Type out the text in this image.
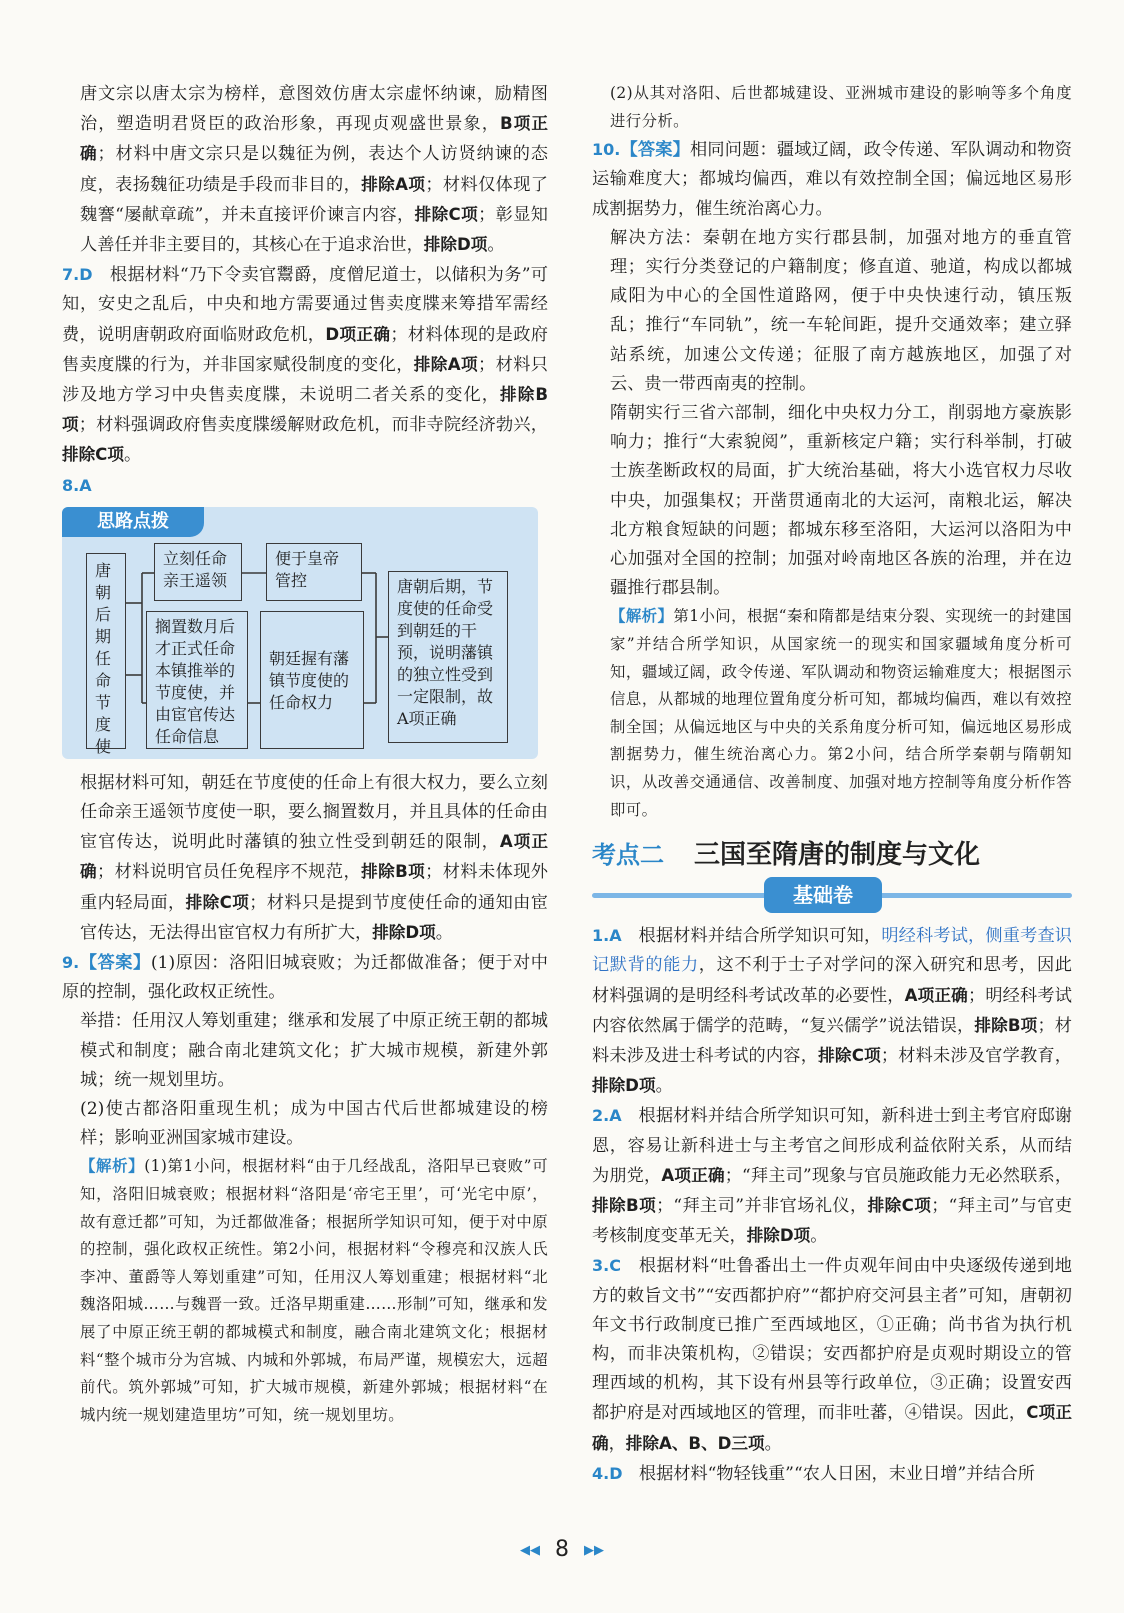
唐文宗以唐太宗为榜样，意图效仿唐太宗虚怀纳谏，励精图治，塑造明君贤臣的政治形象，再现贞观盛世景象，B项正确；材料中唐文宗只是以魏征为例，表达个人访贤纳谏的态度，表扬魏征功绩是手段而非目的，排除A项；材料仅体现了魏謇“屡献章疏”，并未直接评价谏言内容，排除C项；彰显知人善任并非主要目的，其核心在于追求治世，排除D项。

7.D 根据材料“乃下令卖官鬻爵，度僧尼道士，以储积为务”可知，安史之乱后，中央和地方需要通过售卖度牒来筹措军需经费，说明唐朝政府面临财政危机，D项正确；材料体现的是政府售卖度牒的行为，并非国家赋役制度的变化，排除A项；材料只涉及地方学习中央售卖度牒，未说明二者关系的变化，排除B项；材料强调政府售卖度牒缓解财政危机，而非寺院经济勃兴，排除C项。

8.A

思路点拨
唐朝后期任命节度使
立刻任命亲王遥领
便于皇帝管控
搁置数月后才正式任命本镇推举的节度使，并由宦官传达任命信息
朝廷握有藩镇节度使的任命权力
唐朝后期，节度使的任命受到朝廷的干预，说明藩镇的独立性受到一定限制，故A项正确

根据材料可知，朝廷在节度使的任命上有很大权力，要么立刻任命亲王遥领节度使一职，要么搁置数月，并且具体的任命由宦官传达，说明此时藩镇的独立性受到朝廷的限制，A项正确；材料说明官员任免程序不规范，排除B项；材料未体现外重内轻局面，排除C项；材料只是提到节度使任命的通知由宦官传达，无法得出宦官权力有所扩大，排除D项。

9.【答案】(1)原因：洛阳旧城衰败；为迁都做准备；便于对中原的控制，强化政权正统性。

举措：任用汉人筹划重建；继承和发展了中原正统王朝的都城模式和制度；融合南北建筑文化；扩大城市规模，新建外郭城；统一规划里坊。

(2)使古都洛阳重现生机；成为中国古代后世都城建设的榜样；影响亚洲国家城市建设。

【解析】(1)第1小问，根据材料“由于几经战乱，洛阳早已衰败”可知，洛阳旧城衰败；根据材料“洛阳是‘帝宅王里’，可‘光宅中原’，故有意迁都”可知，为迁都做准备；根据所学知识可知，便于对中原的控制，强化政权正统性。第2小问，根据材料“令穆亮和汉族人氏李冲、董爵等人筹划重建”可知，任用汉人筹划重建；根据材料“北魏洛阳城……与魏晋一致。迁洛早期重建……形制”可知，继承和发展了中原正统王朝的都城模式和制度，融合南北建筑文化；根据材料“整个城市分为宫城、内城和外郭城，布局严谨，规模宏大，远超前代。筑外郭城”可知，扩大城市规模，新建外郭城；根据材料“在城内统一规划建造里坊”可知，统一规划里坊。

(2)从其对洛阳、后世都城建设、亚洲城市建设的影响等多个角度进行分析。

10.【答案】相同问题：疆域辽阔，政令传递、军队调动和物资运输难度大；都城均偏西，难以有效控制全国；偏远地区易形成割据势力，催生统治离心力。

解决方法：秦朝在地方实行郡县制，加强对地方的垂直管理；实行分类登记的户籍制度；修直道、驰道，构成以都城咸阳为中心的全国性道路网，便于中央快速行动，镇压叛乱；推行“车同轨”，统一车轮间距，提升交通效率；建立驿站系统，加速公文传递；征服了南方越族地区，加强了对云、贵一带西南夷的控制。

隋朝实行三省六部制，细化中央权力分工，削弱地方豪族影响力；推行“大索貌阅”，重新核定户籍；实行科举制，打破士族垄断政权的局面，扩大统治基础，将大小选官权力尽收中央，加强集权；开凿贯通南北的大运河，南粮北运，解决北方粮食短缺的问题；都城东移至洛阳，大运河以洛阳为中心加强对全国的控制；加强对岭南地区各族的治理，并在边疆推行郡县制。

【解析】第1小问，根据“秦和隋都是结束分裂、实现统一的封建国家”并结合所学知识，从国家统一的现实和国家疆域角度分析可知，疆域辽阔，政令传递、军队调动和物资运输难度大；根据图示信息，从都城的地理位置角度分析可知，都城均偏西，难以有效控制全国；从偏远地区与中央的关系角度分析可知，偏远地区易形成割据势力，催生统治离心力。第2小问，结合所学秦朝与隋朝知识，从改善交通通信、改善制度、加强对地方控制等角度分析作答即可。

考点二 三国至隋唐的制度与文化
基础卷

1.A 根据材料并结合所学知识可知，明经科考试，侧重考查识记默背的能力，这不利于士子对学问的深入研究和思考，因此材料强调的是明经科考试改革的必要性，A项正确；明经科考试内容依然属于儒学的范畴，“复兴儒学”说法错误，排除B项；材料未涉及进士科考试的内容，排除C项；材料未涉及官学教育，排除D项。

2.A 根据材料并结合所学知识可知，新科进士到主考官府邸谢恩，容易让新科进士与主考官之间形成利益依附关系，从而结为朋党，A项正确；“拜主司”现象与官员施政能力无必然联系，排除B项；“拜主司”并非官场礼仪，排除C项；“拜主司”与官吏考核制度变革无关，排除D项。

3.C 根据材料“吐鲁番出土一件贞观年间由中央逐级传递到地方的敕旨文书”“安西都护府”“都护府交河县主者”可知，唐朝初年文书行政制度已推广至西域地区，①正确；尚书省为执行机构，而非决策机构，②错误；安西都护府是贞观时期设立的管理西域的机构，其下设有州县等行政单位，③正确；设置安西都护府是对西域地区的管理，而非吐蕃，④错误。因此，C项正确，排除A、B、D三项。

4.D 根据材料“物轻钱重”“农人日困，末业日增”并结合所

◀◀ 8 ▶▶
